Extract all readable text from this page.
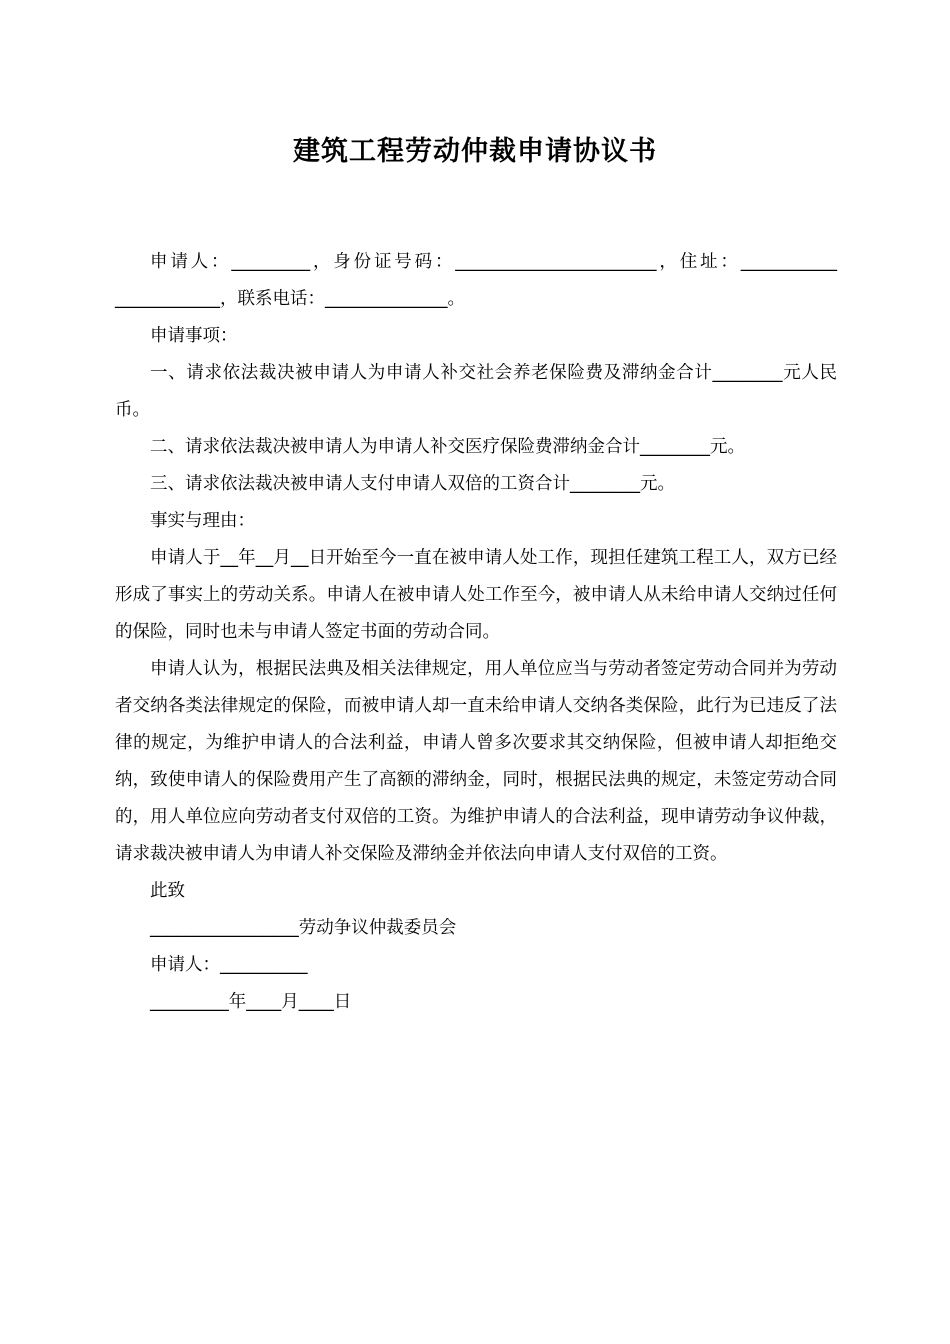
建筑工程劳动仲裁申请协议书

申请人：_________，身份证号码：_______________________，住址：___________ ____________，联系电话：______________。

申请事项：

一、请求依法裁决被申请人为申请人补交社会养老保险费及滞纳金合计________元人民币。

二、请求依法裁决被申请人为申请人补交医疗保险费滞纳金合计________元。

三、请求依法裁决被申请人支付申请人双倍的工资合计________元。

事实与理由：

申请人于__年__月__日开始至今一直在被申请人处工作，现担任建筑工程工人，双方已经形成了事实上的劳动关系。申请人在被申请人处工作至今，被申请人从未给申请人交纳过任何的保险，同时也未与申请人签定书面的劳动合同。

申请人认为，根据民法典及相关法律规定，用人单位应当与劳动者签定劳动合同并为劳动者交纳各类法律规定的保险，而被申请人却一直未给申请人交纳各类保险，此行为已违反了法律的规定，为维护申请人的合法利益，申请人曾多次要求其交纳保险，但被申请人却拒绝交纳，致使申请人的保险费用产生了高额的滞纳金，同时，根据民法典的规定，未签定劳动合同的，用人单位应向劳动者支付双倍的工资。为维护申请人的合法利益，现申请劳动争议仲裁，请求裁决被申请人为申请人补交保险及滞纳金并依法向申请人支付双倍的工资。

此致

_________________劳动争议仲裁委员会

申请人：__________

_________年____月____日
